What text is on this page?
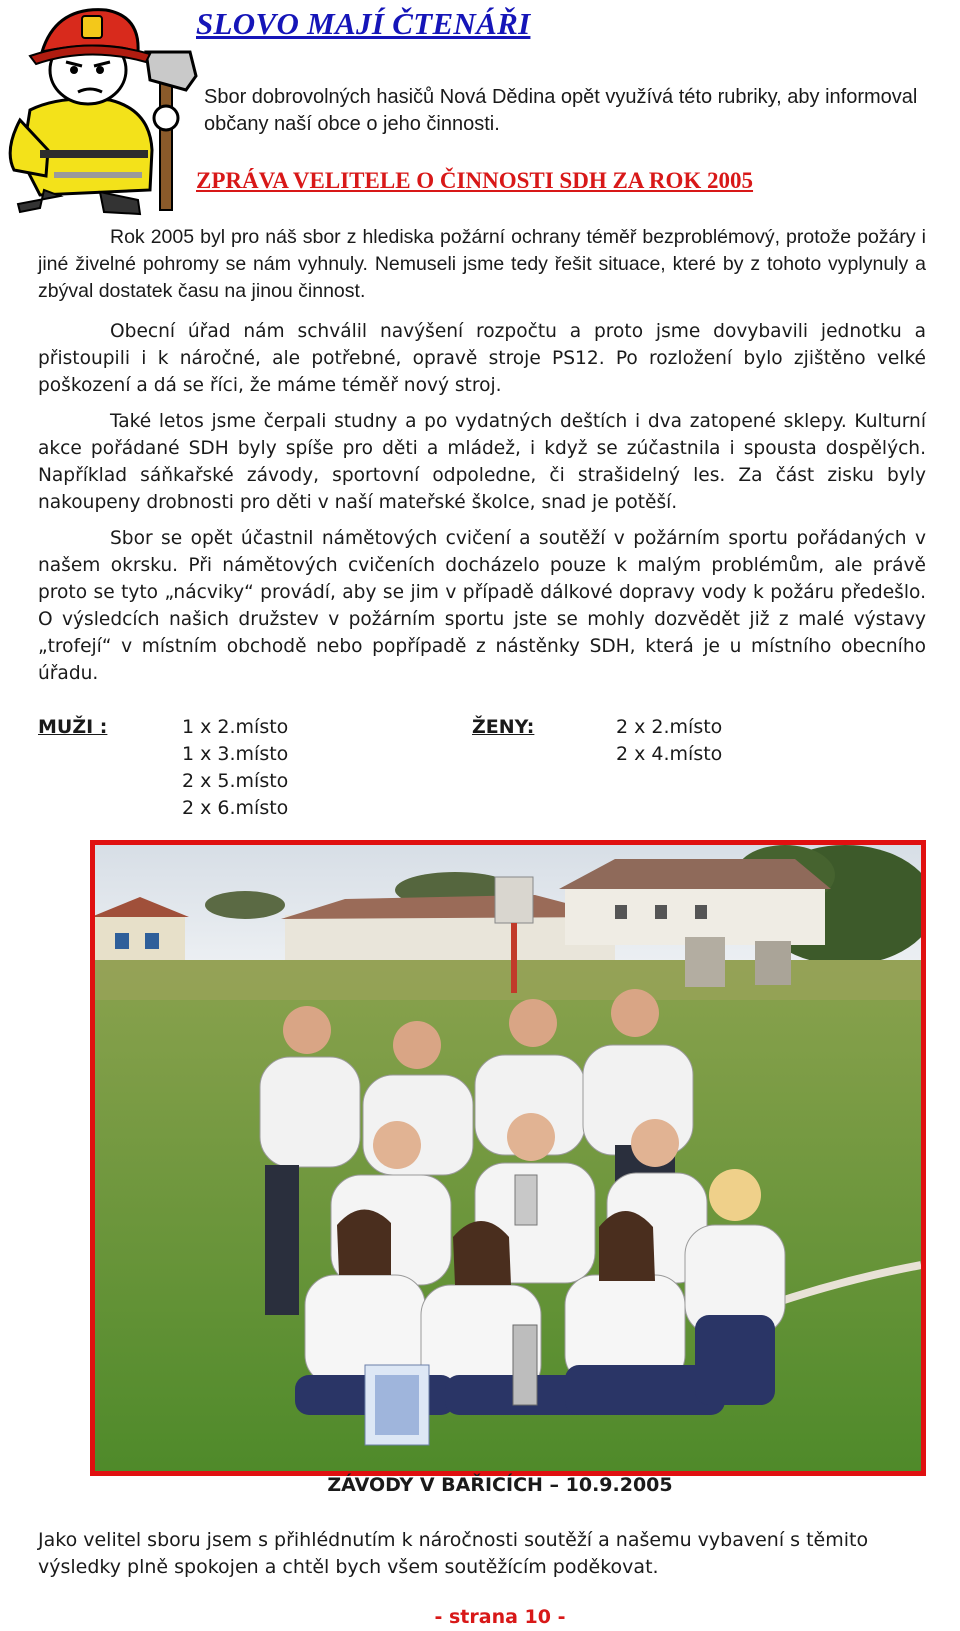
SLOVO MAJÍ ČTENÁŘI
Sbor dobrovolných hasičů Nová Dědina opět využívá této rubriky, aby informoval občany naší obce o jeho činnosti.
ZPRÁVA VELITELE O ČINNOSTI SDH ZA ROK 2005

Rok 2005 byl pro náš sbor z hlediska požární ochrany téměř bezproblémový, protože požáry i jiné živelné pohromy se nám vyhnuly. Nemuseli jsme tedy řešit situace, které by z tohoto vyplynuly a zbýval dostatek času na jinou činnost.

Obecní úřad nám schválil navýšení rozpočtu a proto jsme dovybavili jednotku a přistoupili i k náročné, ale potřebné, opravě stroje PS12. Po rozložení bylo zjištěno velké poškození a dá se říci, že máme téměř nový stroj.

Také letos jsme čerpali studny a po vydatných deštích i dva zatopené sklepy. Kulturní akce pořádané SDH byly spíše pro děti a mládež, i když se zúčastnila i spousta dospělých. Například sáňkařské závody, sportovní odpoledne, či strašidelný les. Za část zisku byly nakoupeny drobnosti pro děti v naší mateřské školce, snad je potěší.

Sbor se opět účastnil námětových cvičení a soutěží v požárním sportu pořádaných v našem okrsku. Při námětových cvičeních docházelo pouze k malým problémům, ale právě proto se tyto „nácviky“ provádí, aby se jim v případě dálkové dopravy vody k požáru předešlo. O výsledcích našich družstev v požárním sportu jste se mohly dozvědět již z malé výstavy „trofejí“ v místním obchodě nebo popřípadě z nástěnky SDH, která je u místního obecního úřadu.

MUŽI :	1 x 2.místo
1 x 3.místo
2 x 5.místo
2 x 6.místo
ŽENY:	2 x 2.místo
2 x 4.místo
ZÁVODY V BAŘICÍCH – 10.9.2005

Jako velitel sboru jsem s přihlédnutím k náročnosti soutěží a našemu vybavení s těmito výsledky plně spokojen a chtěl bych všem soutěžícím poděkovat.

- strana 10 -
